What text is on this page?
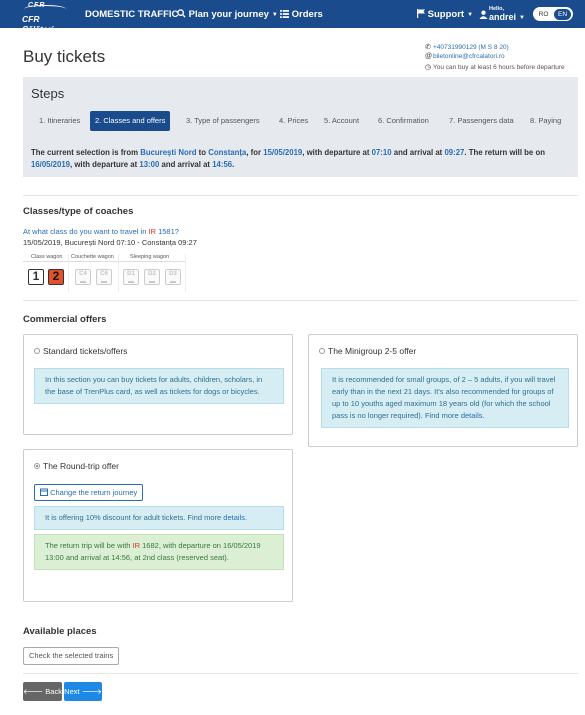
CFR
CFR Călători
DOMESTIC TRAFFIC	Plan your journey ▼	Orders	Support ▼
Hello,
andrei ▼
RO	EN
Buy tickets	✆ +40731990129 (M S 8 20)
@biletonline@cfrcalatori.ro
◷ You can buy at least 6 hours before departure
Steps
1. Itineraries	2. Classes and offers	3. Type of passengers	4. Prices	5. Account	6. Confirmation	7. Passengers data	8. Paying
The current selection is from București Nord to Constanța, for 15/05/2019, with departure at 07:10 and arrival at 09:27. The return will be on 16/05/2019, with departure at 13:00 and arrival at 14:56.
Classes/type of coaches
At what class do you want to travel in IR 1581?
15/05/2019, București Nord 07:10 - Constanța 09:27
Class wagon Couchette wagon	Sleeping wagon
1	2	C4
▬
C6
▬
D1
▬
D2
▬
D3
▬
Commercial offers
Standard tickets/offers
In this section you can buy tickets for adults, children, scholars, in the base of TrenPlus card, as well as tickets for dogs or bicycles.
The Minigroup 2-5 offer
It is recommended for small groups, of 2 – 5 adults, if you will travel early than in the next 21 days. It's also recommended for groups of up to 10 youths aged maximum 18 years old (for which the school pass is no longer required). Find more details.
The Round-trip offer
Change the return journey
It is offering 10% discount for adult tickets. Find more details.
The return trip will be with IR 1682, with departure on 16/05/2019 13:00 and arrival at 14:56, at 2nd class (reserved seat).
Available places
Check the selected trains
🡐 Back Next 🡒
